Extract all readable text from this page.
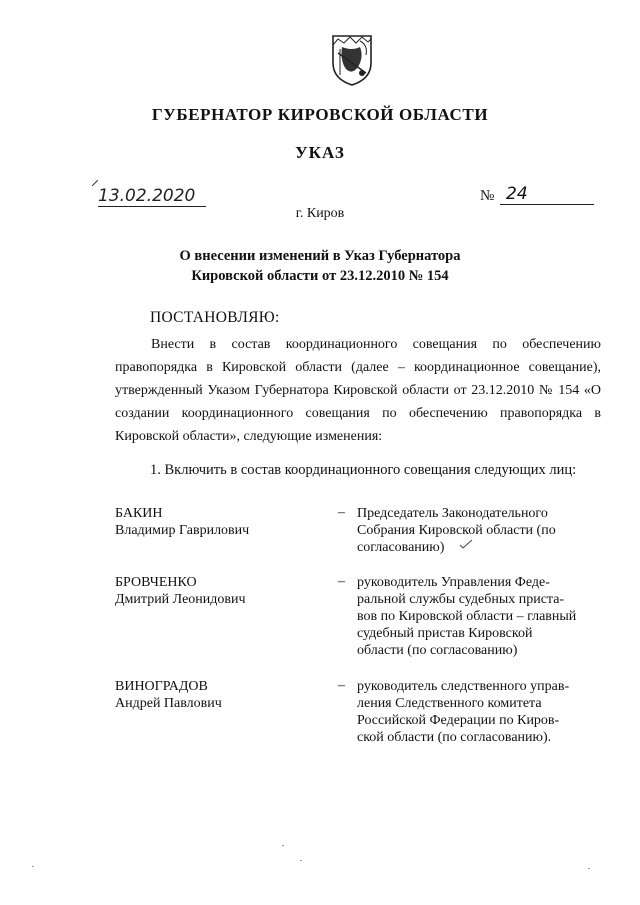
ГУБЕРНАТОР КИРОВСКОЙ ОБЛАСТИ
УКАЗ
13.02.2020	№ 24
г. Киров
О внесении изменений в Указ Губернатора
Кировской области от 23.12.2010 № 154
ПОСТАНОВЛЯЮ:

Внести в состав координационного совещания по обеспечению правопорядка в Кировской области (далее – координационное совещание), утвержденный Указом Губернатора Кировской области от 23.12.2010 № 154 «О создании координационного совещания по обеспечению правопорядка в Кировской области», следующие изменения:

1. Включить в состав координационного совещания следующих лиц:
БАКИН
Владимир Гаврилович
– Председатель Законодательного
Собрания Кировской области (по
согласованию)
БРОВЧЕНКО
Дмитрий Леонидович
– руководитель Управления Феде-
ральной службы судебных приста-
вов по Кировской области – главный
судебный пристав Кировской
области (по согласованию)
ВИНОГРАДОВ
Андрей Павлович
– руководитель следственного управ-
ления Следственного комитета
Российской Федерации по Киров-
ской области (по согласованию).
